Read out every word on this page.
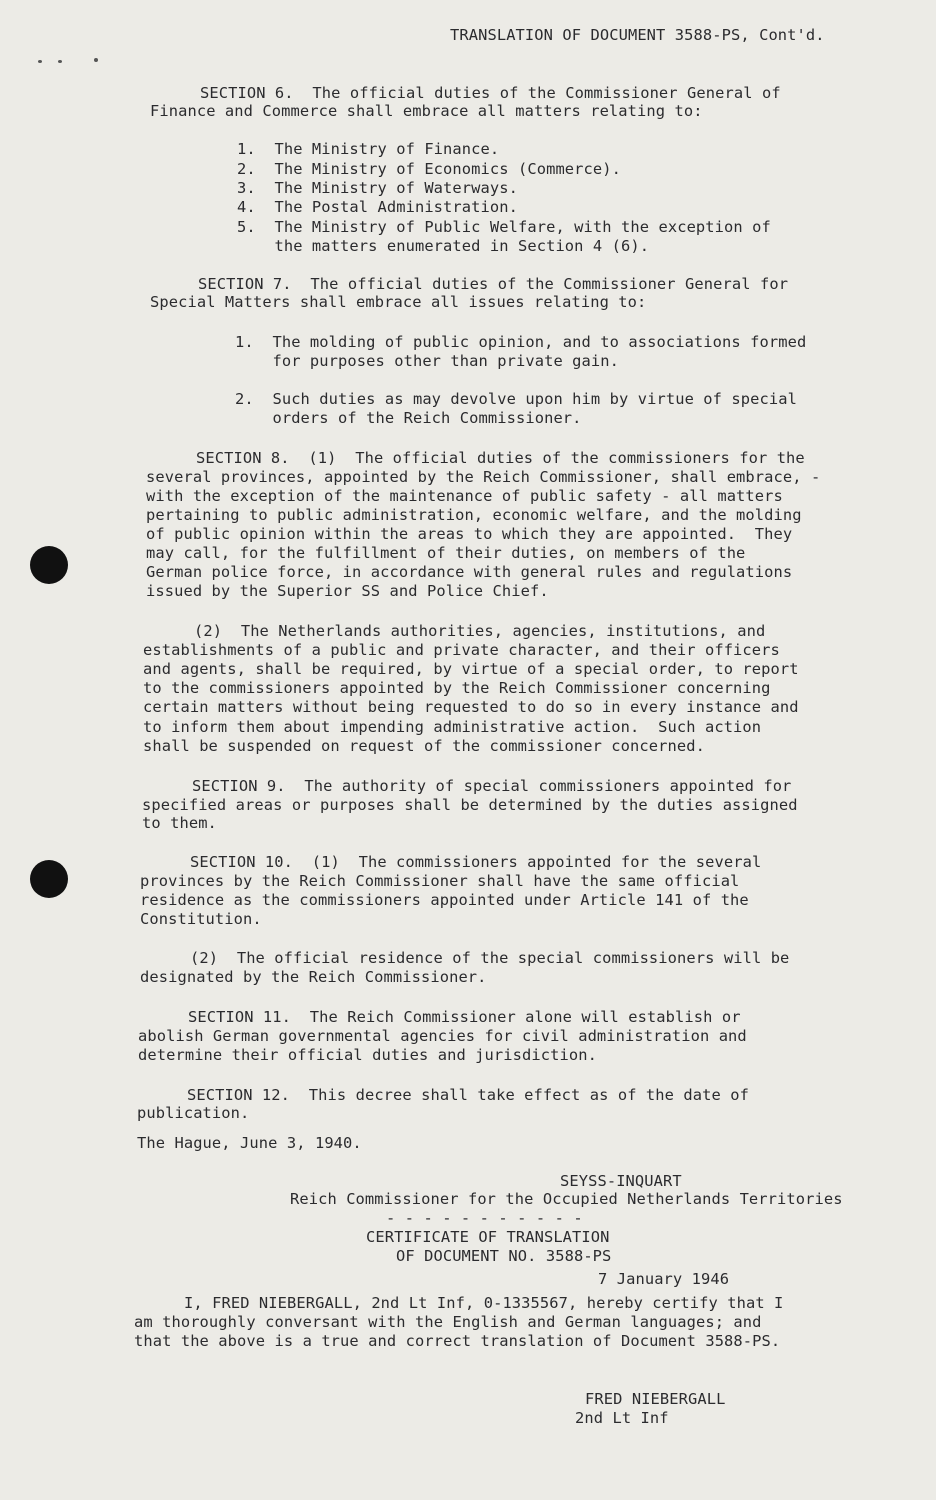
TRANSLATION OF DOCUMENT 3588-PS, Cont'd.
SECTION 6.  The official duties of the Commissioner General of
Finance and Commerce shall embrace all matters relating to:
1.  The Ministry of Finance.
2.  The Ministry of Economics (Commerce).
3.  The Ministry of Waterways.
4.  The Postal Administration.
5.  The Ministry of Public Welfare, with the exception of
the matters enumerated in Section 4 (6).
SECTION 7.  The official duties of the Commissioner General for
Special Matters shall embrace all issues relating to:
1.  The molding of public opinion, and to associations formed
for purposes other than private gain.
2.  Such duties as may devolve upon him by virtue of special
orders of the Reich Commissioner.
SECTION 8.  (1)  The official duties of the commissioners for the
several provinces, appointed by the Reich Commissioner, shall embrace, -
with the exception of the maintenance of public safety - all matters
pertaining to public administration, economic welfare, and the molding
of public opinion within the areas to which they are appointed.  They
may call, for the fulfillment of their duties, on members of the
German police force, in accordance with general rules and regulations
issued by the Superior SS and Police Chief.
(2)  The Netherlands authorities, agencies, institutions, and
establishments of a public and private character, and their officers
and agents, shall be required, by virtue of a special order, to report
to the commissioners appointed by the Reich Commissioner concerning
certain matters without being requested to do so in every instance and
to inform them about impending administrative action.  Such action
shall be suspended on request of the commissioner concerned.
SECTION 9.  The authority of special commissioners appointed for
specified areas or purposes shall be determined by the duties assigned
to them.
SECTION 10.  (1)  The commissioners appointed for the several
provinces by the Reich Commissioner shall have the same official
residence as the commissioners appointed under Article 141 of the
Constitution.
(2)  The official residence of the special commissioners will be
designated by the Reich Commissioner.
SECTION 11.  The Reich Commissioner alone will establish or
abolish German governmental agencies for civil administration and
determine their official duties and jurisdiction.
SECTION 12.  This decree shall take effect as of the date of
publication.
The Hague, June 3, 1940.
SEYSS-INQUART
Reich Commissioner for the Occupied Netherlands Territories
- - - - - - - - - - -
CERTIFICATE OF TRANSLATION
OF DOCUMENT NO. 3588-PS
7 January 1946
I, FRED NIEBERGALL, 2nd Lt Inf, 0-1335567, hereby certify that I
am thoroughly conversant with the English and German languages; and
that the above is a true and correct translation of Document 3588-PS.
FRED NIEBERGALL
2nd Lt Inf
